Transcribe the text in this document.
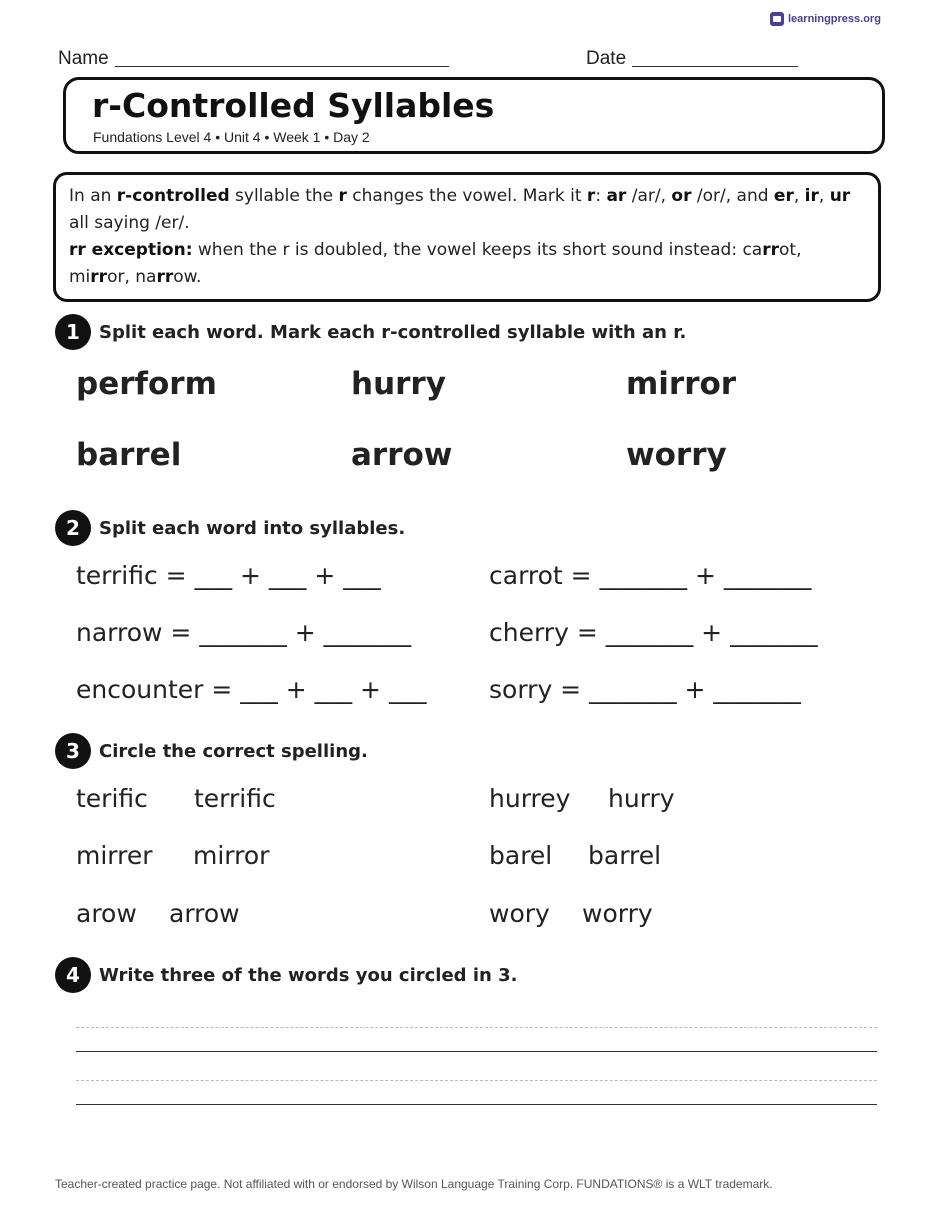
learningpress.org
Name	Date
r-Controlled Syllables
Fundations Level 4 • Unit 4 • Week 1 • Day 2

In an r-controlled syllable the r changes the vowel. Mark it r: ar /ar/, or /or/, and er, ir, ur all saying /er/.

rr exception: when the r is doubled, the vowel keeps its short sound instead: carrot, mirror, narrow.

1	Split each word. Mark each r-controlled syllable with an r.
perform	hurry	mirror
barrel	arrow	worry
2	Split each word into syllables.
terrific = ___ + ___ + ___	carrot = _______ + _______
narrow = _______ + _______	cherry = _______ + _______
encounter = ___ + ___ + ___	sorry = _______ + _______
3	Circle the correct spelling.
terific terrific	hurrey hurry
mirrer mirror	barel barrel
arow arrow	wory worry
4	Write three of the words you circled in 3.
Teacher-created practice page. Not affiliated with or endorsed by Wilson Language Training Corp. FUNDATIONS® is a WLT trademark.
